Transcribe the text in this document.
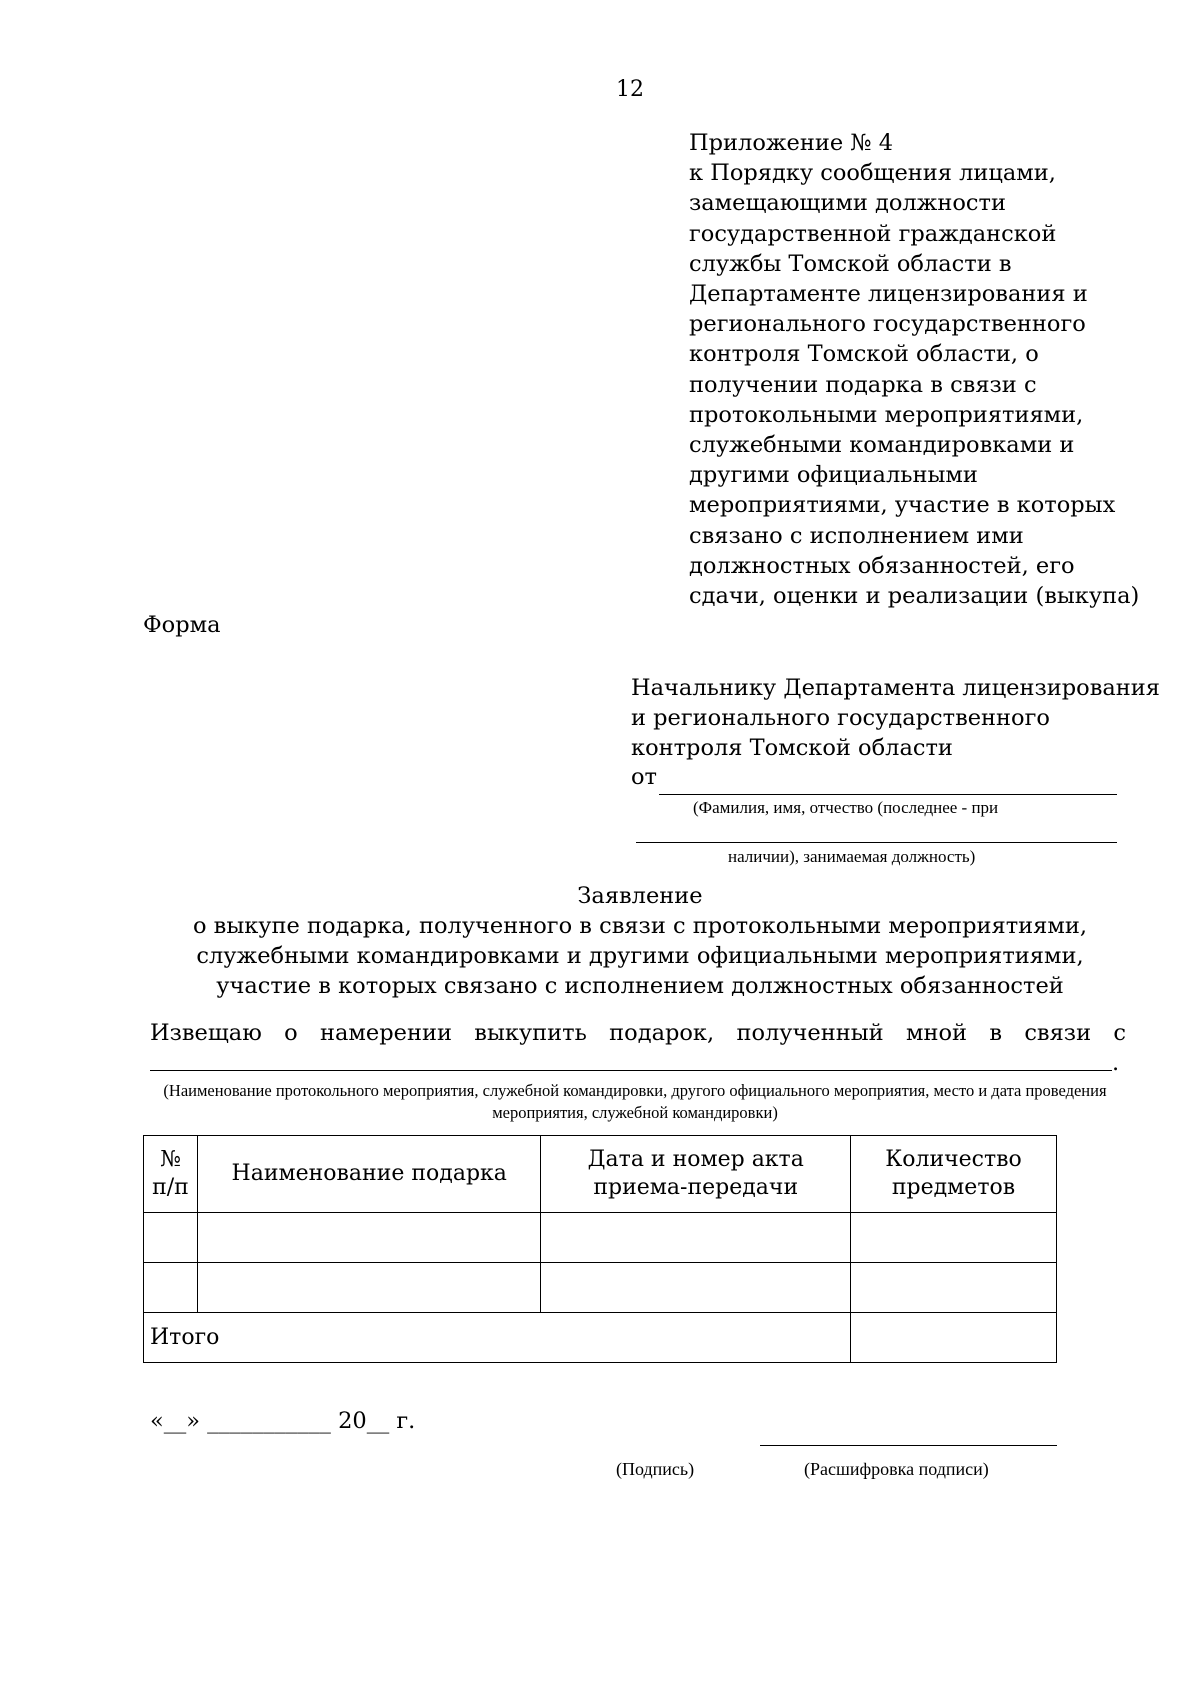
12
Приложение № 4
к Порядку сообщения лицами,
замещающими должности
государственной гражданской
службы Томской области в
Департаменте лицензирования и
регионального государственного
контроля Томской области, о
получении подарка в связи с
протокольными мероприятиями,
служебными командировками и
другими официальными
мероприятиями, участие в которых
связано с исполнением ими
должностных обязанностей, его
сдачи, оценки и реализации (выкупа)
Форма
Начальнику Департамента лицензирования
и регионального государственного
контроля Томской области
от
(Фамилия, имя, отчество (последнее - при
наличии), занимаемая должность)
Заявление
о выкупе подарка, полученного в связи с протокольными мероприятиями, служебными командировками и другими официальными мероприятиями, участие в которых связано с исполнением должностных обязанностей
Извещаю о намерении выкупить подарок, полученный мной в связи с
.
(Наименование протокольного мероприятия, служебной командировки, другого официального мероприятия, место и дата проведения мероприятия, служебной командировки)
№ п/п	Наименование подарка	Дата и номер акта приема-передачи	Количество предметов

Итого			
«__» ___________ 20__ г.
(Подпись)	(Расшифровка подписи)
